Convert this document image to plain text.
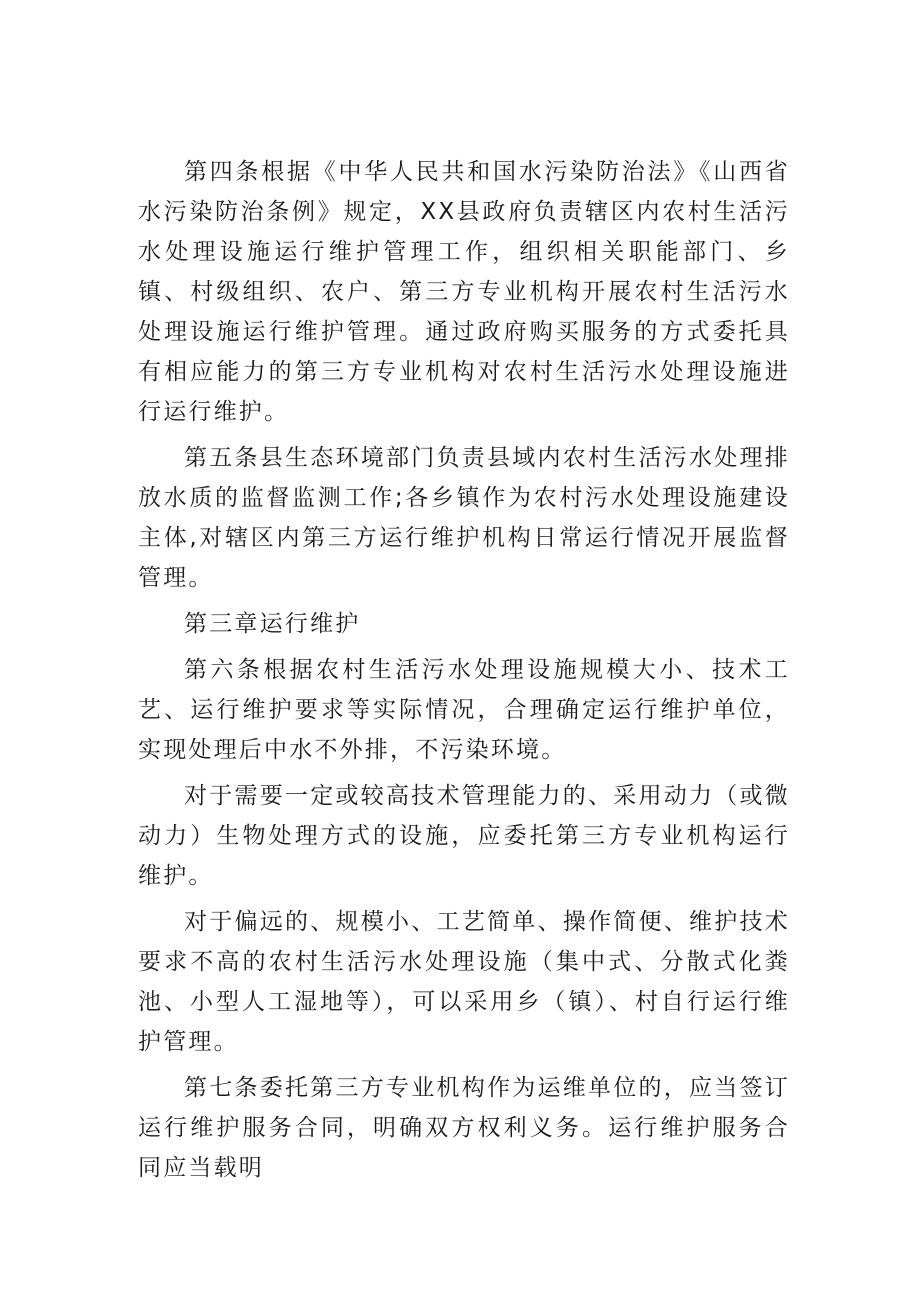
第四条根据《中华人民共和国水污染防治法》《山西省水污染防治条例》规定，XX县政府负责辖区内农村生活污水处理设施运行维护管理工作，组织相关职能部门、乡镇、村级组织、农户、第三方专业机构开展农村生活污水处理设施运行维护管理。通过政府购买服务的方式委托具有相应能力的第三方专业机构对农村生活污水处理设施进行运行维护。

第五条县生态环境部门负责县域内农村生活污水处理排放水质的监督监测工作;各乡镇作为农村污水处理设施建设主体,对辖区内第三方运行维护机构日常运行情况开展监督管理。

第三章运行维护

第六条根据农村生活污水处理设施规模大小、技术工艺、运行维护要求等实际情况，合理确定运行维护单位，实现处理后中水不外排，不污染环境。

对于需要一定或较高技术管理能力的、采用动力（或微动力）生物处理方式的设施，应委托第三方专业机构运行维护。

对于偏远的、规模小、工艺简单、操作简便、维护技术要求不高的农村生活污水处理设施（集中式、分散式化粪池、小型人工湿地等），可以采用乡（镇）、村自行运行维护管理。

第七条委托第三方专业机构作为运维单位的，应当签订运行维护服务合同，明确双方权利义务。运行维护服务合同应当载明
